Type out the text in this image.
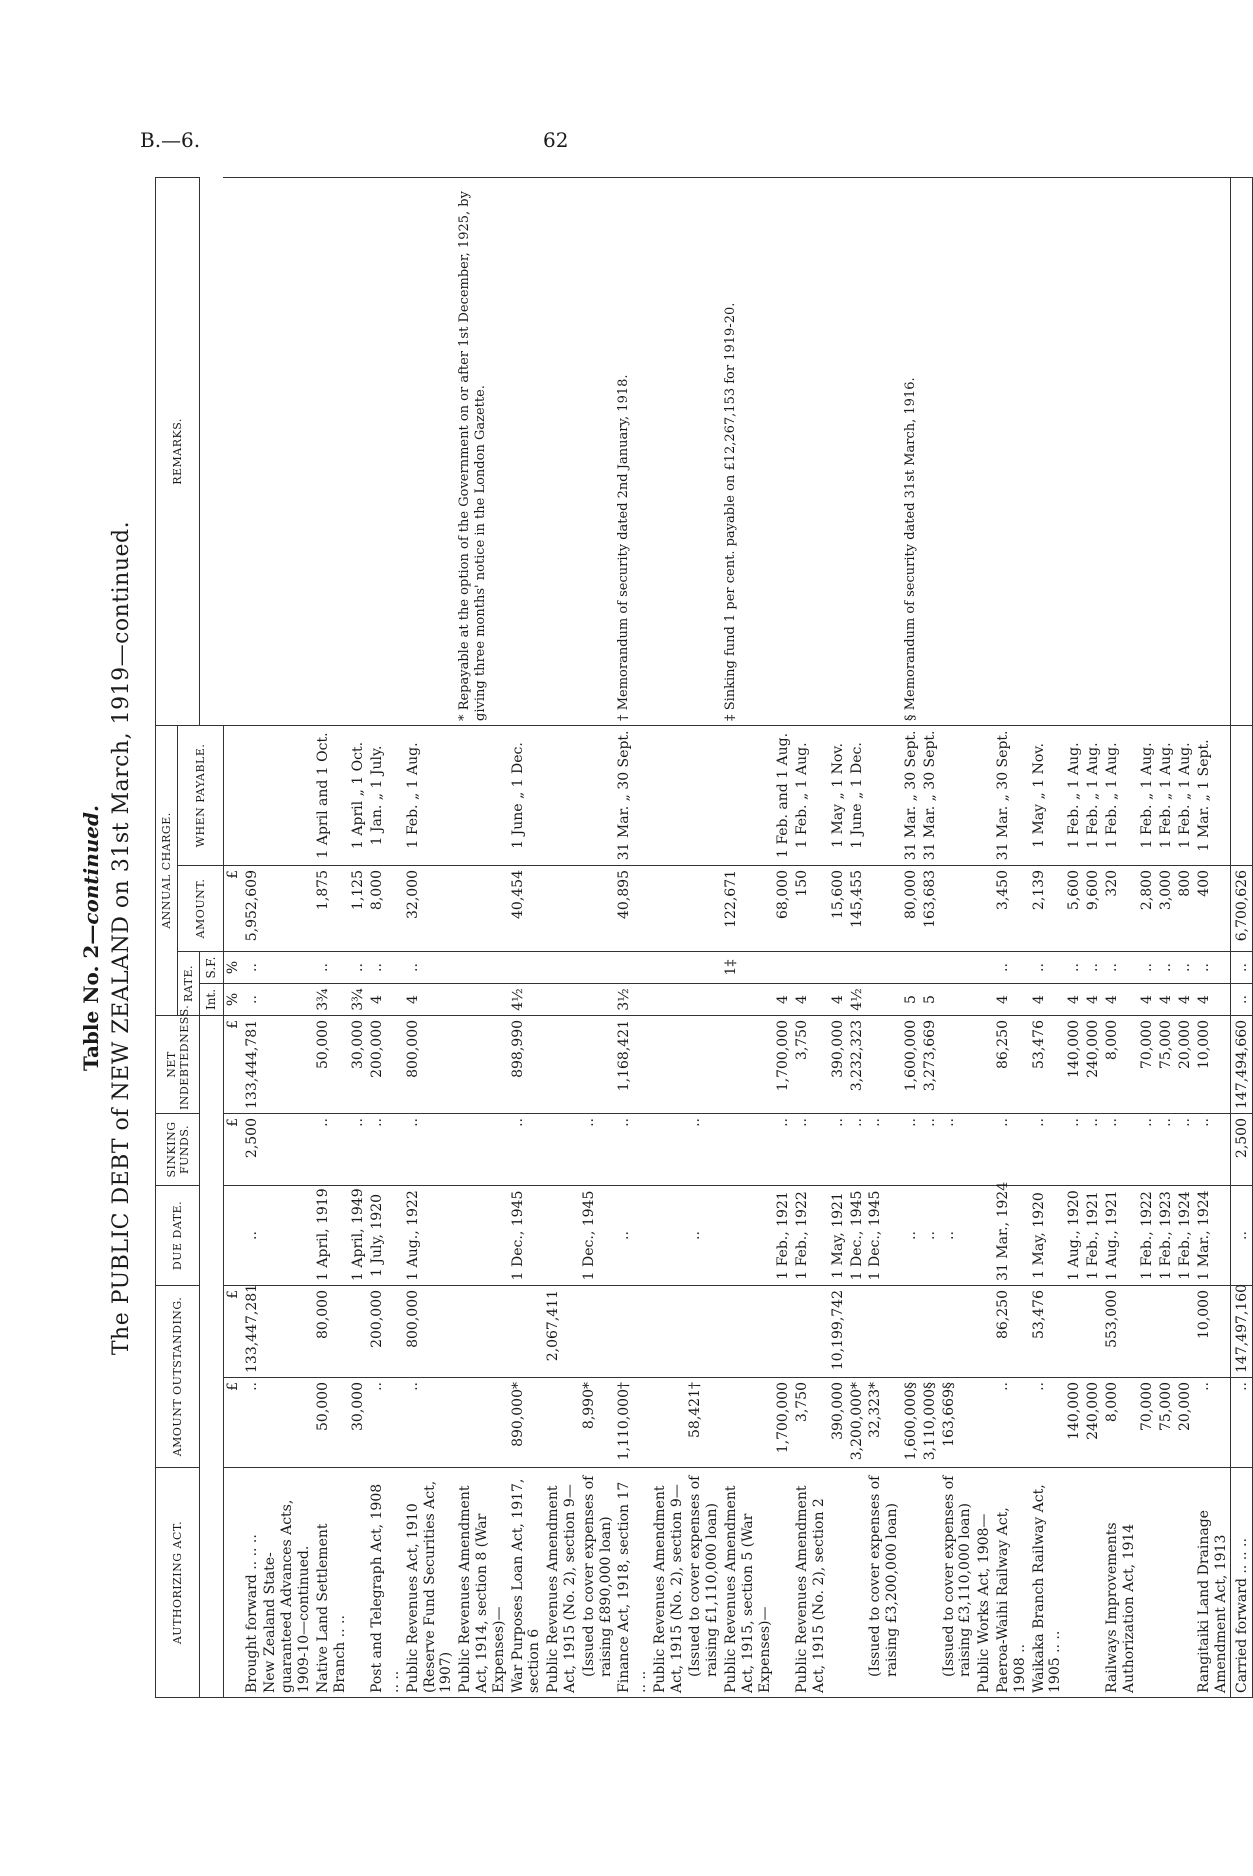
B.—6.	62
Table No. 2—continued. The PUBLIC DEBT of NEW ZEALAND on 31st March, 1919—continued.
AUTHORIZING ACT.	AMOUNT OUTSTANDING.		DUE DATE.	SINKING FUNDS.	NET INDEBTEDNESS.	ANNUAL CHARGE.				REMARKS.
						RATE.		AMOUNT.	WHEN PAYABLE.	
						Int.	S.F.			
	£	£		£	£	%	%	£		
Brought forward .. .. ..	..	133,447,281	..	2,500	133,444,781	..	..	5,952,609		
New Zealand State-guaranteed Advances Acts, 1909-10—continued.										
Native Land Settlement Branch .. ..	50,000	80,000	1 April, 1919	..	50,000	3¾	..	1,875	1 April and 1 Oct.	
	30,000		1 April, 1949	..	30,000	3¾	..	1,125	1 April „ 1 Oct.	
Post and Telegraph Act, 1908 .. ..	..	200,000	1 July, 1920	..	200,000	4	..	8,000	1 Jan. „ 1 July.	
Public Revenues Act, 1910 (Reserve Fund Securities Act, 1907)	..	800,000	1 Aug., 1922	..	800,000	4	..	32,000	1 Feb. „ 1 Aug.	
Public Revenues Amendment Act, 1914, section 8 (War Expenses)—										* Repayable at the option of the Government on or after 1st December, 1925, by giving three months' notice in the London Gazette.
War Purposes Loan Act, 1917, section 6	890,000*		1 Dec., 1945	..	898,990	4½		40,454	1 June „ 1 Dec.	
Public Revenues Amendment Act, 1915 (No. 2), section 9—		2,067,411								
(Issued to cover expenses of raising £890,000 loan)	8,990*		1 Dec., 1945	..						
Finance Act, 1918, section 17 .. ..	1,110,000†		..	..	1,168,421	3½		40,895	31 Mar. „ 30 Sept.	† Memorandum of security dated 2nd January, 1918.
Public Revenues Amendment Act, 1915 (No. 2), section 9—										
(Issued to cover expenses of raising £1,110,000 loan)	58,421†		..	..						
Public Revenues Amendment Act, 1915, section 5 (War Expenses)—							1‡	122,671		‡ Sinking fund 1 per cent. payable on £12,267,153 for 1919-20.
	1,700,000		1 Feb., 1921	..	1,700,000	4		68,000	1 Feb. and 1 Aug.	
Public Revenues Amendment Act, 1915 (No. 2), section 2	3,750		1 Feb., 1922	..	3,750	4		150	1 Feb. „ 1 Aug.	
	390,000	10,199,742	1 May, 1921	..	390,000	4		15,600	1 May „ 1 Nov.	
	3,200,000*		1 Dec., 1945	..	3,232,323	4½		145,455	1 June „ 1 Dec.	
(Issued to cover expenses of raising £3,200,000 loan)	32,323*		1 Dec., 1945	..						
	1,600,000§		..	..	1,600,000	5		80,000	31 Mar. „ 30 Sept.	§ Memorandum of security dated 31st March, 1916.
	3,110,000§		..	..	3,273,669	5		163,683	31 Mar. „ 30 Sept.	
(Issued to cover expenses of raising £3,110,000 loan)	163,669§		..	..						
Public Works Act, 1908—										
Paeroa-Waihi Railway Act, 1908 ..	..	86,250	31 Mar., 1924	..	86,250	4	..	3,450	31 Mar. „ 30 Sept.	
Waikaka Branch Railway Act, 1905 .. ..	..	53,476	1 May, 1920	..	53,476	4	..	2,139	1 May „ 1 Nov.	
	140,000		1 Aug., 1920	..	140,000	4	..	5,600	1 Feb. „ 1 Aug.	
	240,000		1 Feb., 1921	..	240,000	4	..	9,600	1 Feb. „ 1 Aug.	
Railways Improvements Authorization Act, 1914	8,000	553,000	1 Aug., 1921	..	8,000	4	..	320	1 Feb. „ 1 Aug.	
	70,000		1 Feb., 1922	..	70,000	4	..	2,800	1 Feb. „ 1 Aug.	
	75,000		1 Feb., 1923	..	75,000	4	..	3,000	1 Feb. „ 1 Aug.	
	20,000		1 Feb., 1924	..	20,000	4	..	800	1 Feb. „ 1 Aug.	
Rangitaiki Land Drainage Amendment Act, 1913	..	10,000	1 Mar., 1924	..	10,000	4	..	400	1 Mar. „ 1 Sept.	
Carried forward .. .. ..	..	147,497,160	..	2,500	147,494,660	..	..	6,700,626		
